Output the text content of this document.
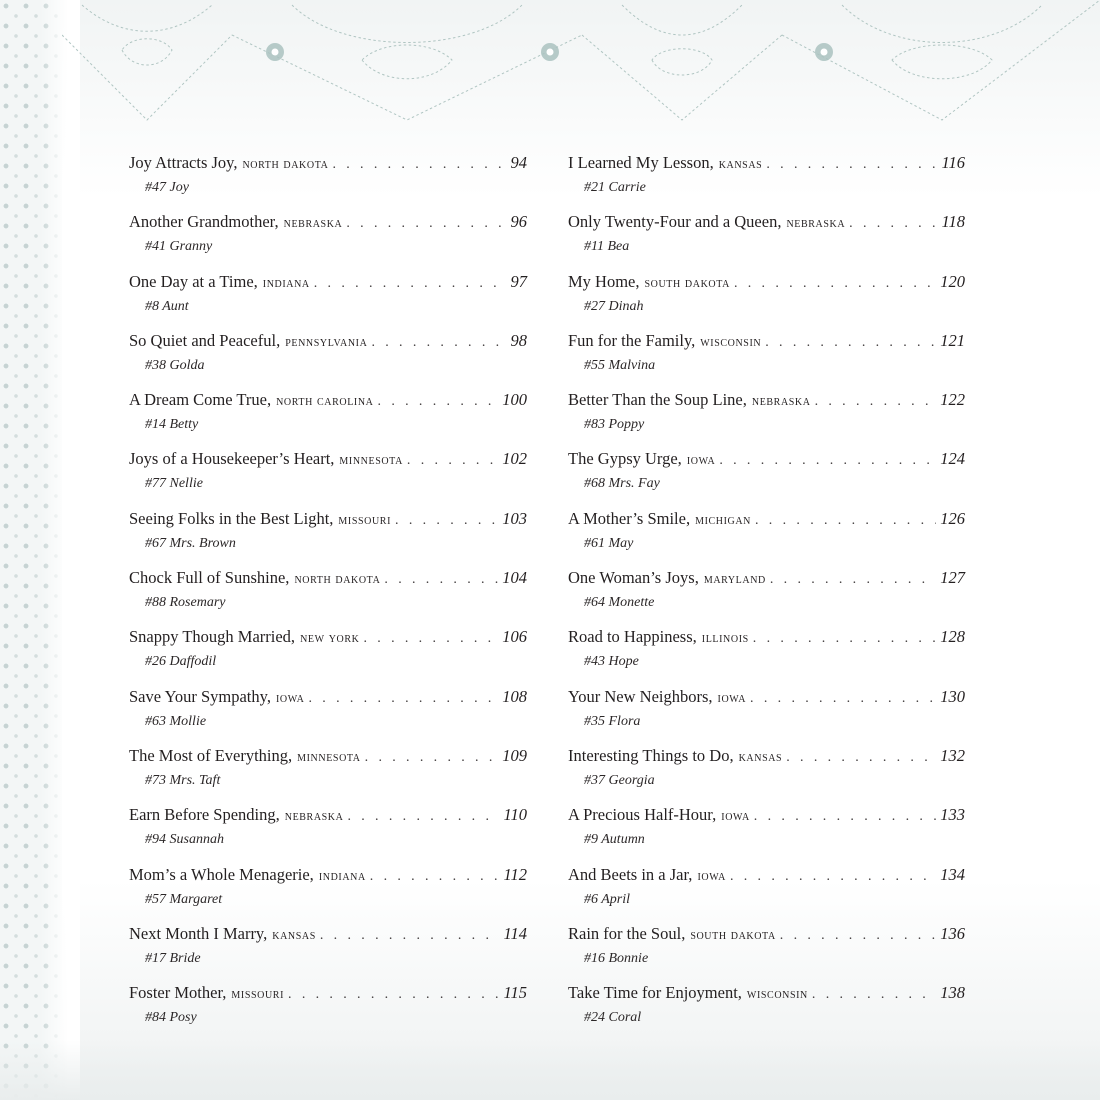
Joy Attracts Joy, north dakota . . .	94
#47 Joy
Another Grandmother, nebraska . . .	96
#41 Granny
One Day at a Time, indiana . . .	97
#8 Aunt
So Quiet and Peaceful, pennsylvania . . .	98
#38 Golda
A Dream Come True, north carolina . . .	100
#14 Betty
Joys of a Housekeeper’s Heart, minnesota . . .	102
#77 Nellie
Seeing Folks in the Best Light, missouri . . .	103
#67 Mrs. Brown
Chock Full of Sunshine, north dakota . . .	104
#88 Rosemary
Snappy Though Married, new york . . .	106
#26 Daffodil
Save Your Sympathy, iowa . . .	108
#63 Mollie
The Most of Everything, minnesota . . .	109
#73 Mrs. Taft
Earn Before Spending, nebraska . . .	110
#94 Susannah
Mom’s a Whole Menagerie, indiana . . .	112
#57 Margaret
Next Month I Marry, kansas . . .	114
#17 Bride
Foster Mother, missouri . . .	115
#84 Posy
I Learned My Lesson, kansas . . .	116
#21 Carrie
Only Twenty-Four and a Queen, nebraska . . .	118
#11 Bea
My Home, south dakota . . .	120
#27 Dinah
Fun for the Family, wisconsin . . .	121
#55 Malvina
Better Than the Soup Line, nebraska . . .	122
#83 Poppy
The Gypsy Urge, iowa . . .	124
#68 Mrs. Fay
A Mother’s Smile, michigan . . .	126
#61 May
One Woman’s Joys, maryland . . .	127
#64 Monette
Road to Happiness, illinois . . .	128
#43 Hope
Your New Neighbors, iowa . . .	130
#35 Flora
Interesting Things to Do, kansas . . .	132
#37 Georgia
A Precious Half-Hour, iowa . . .	133
#9 Autumn
And Beets in a Jar, iowa . . .	134
#6 April
Rain for the Soul, south dakota . . .	136
#16 Bonnie
Take Time for Enjoyment, wisconsin . . .	138
#24 Coral
